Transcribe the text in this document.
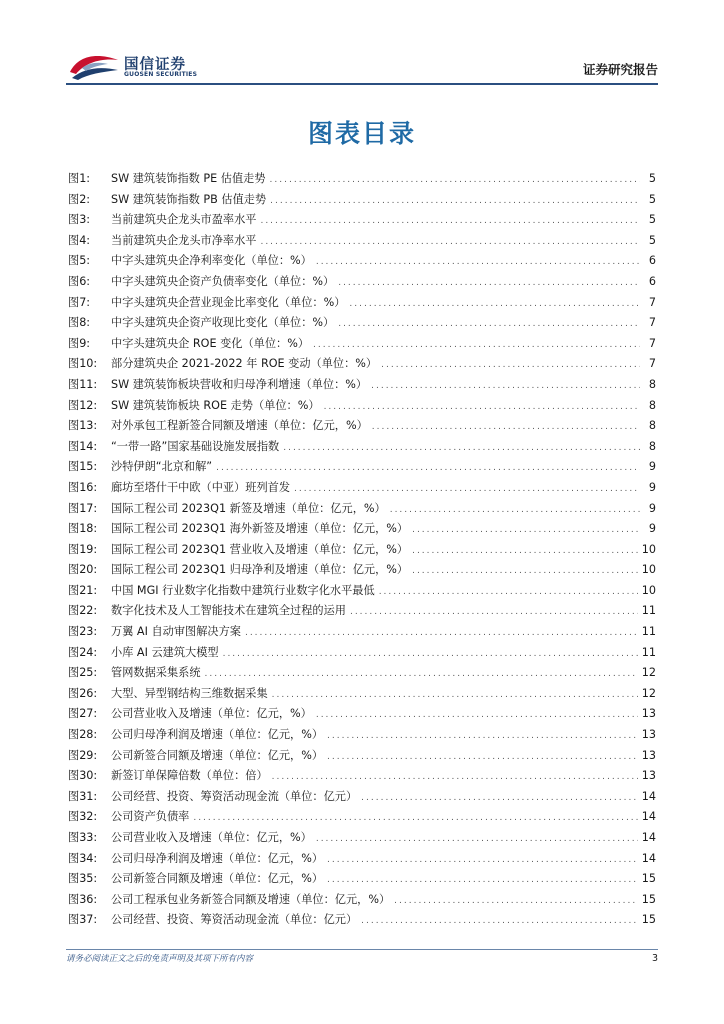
国信证券
GUOSEN SECURITIES	证券研究报告
图表目录
图1:	SW 建筑装饰指数 PE 估值走势 .....	5
图2:	SW 建筑装饰指数 PB 估值走势 .....	5
图3:	当前建筑央企龙头市盈率水平 .....	5
图4:	当前建筑央企龙头市净率水平 .....	5
图5:	中字头建筑央企净利率变化（单位：%） .....	6
图6:	中字头建筑央企资产负债率变化（单位：%） .....	6
图7:	中字头建筑央企营业现金比率变化（单位：%） .....	7
图8:	中字头建筑央企资产收现比变化（单位：%） .....	7
图9:	中字头建筑央企 ROE 变化（单位：%） .....	7
图10:	部分建筑央企 2021-2022 年 ROE 变动（单位：%） .....	7
图11:	SW 建筑装饰板块营收和归母净利增速（单位：%） .....	8
图12:	SW 建筑装饰板块 ROE 走势（单位：%） .....	8
图13:	对外承包工程新签合同额及增速（单位：亿元，%） .....	8
图14:	“一带一路”国家基础设施发展指数 .....	8
图15:	沙特伊朗“北京和解” .....	9
图16:	廊坊至塔什干中欧（中亚）班列首发 .....	9
图17:	国际工程公司 2023Q1 新签及增速（单位：亿元，%） .....	9
图18:	国际工程公司 2023Q1 海外新签及增速（单位：亿元，%） .....	9
图19:	国际工程公司 2023Q1 营业收入及增速（单位：亿元，%） .....	10
图20:	国际工程公司 2023Q1 归母净利及增速（单位：亿元，%） .....	10
图21:	中国 MGI 行业数字化指数中建筑行业数字化水平最低 .....	10
图22:	数字化技术及人工智能技术在建筑全过程的运用 .....	11
图23:	万翼 AI 自动审图解决方案 .....	11
图24:	小库 AI 云建筑大模型 .....	11
图25:	管网数据采集系统 .....	12
图26:	大型、异型钢结构三维数据采集 .....	12
图27:	公司营业收入及增速（单位：亿元，%） .....	13
图28:	公司归母净利润及增速（单位：亿元，%） .....	13
图29:	公司新签合同额及增速（单位：亿元，%） .....	13
图30:	新签订单保障倍数（单位：倍） .....	13
图31:	公司经营、投资、筹资活动现金流（单位：亿元） .....	14
图32:	公司资产负债率 .....	14
图33:	公司营业收入及增速（单位：亿元，%） .....	14
图34:	公司归母净利润及增速（单位：亿元，%） .....	14
图35:	公司新签合同额及增速（单位：亿元，%） .....	15
图36:	公司工程承包业务新签合同额及增速（单位：亿元，%） .....	15
图37:	公司经营、投资、筹资活动现金流（单位：亿元） .....	15
请务必阅读正文之后的免责声明及其项下所有内容	3
